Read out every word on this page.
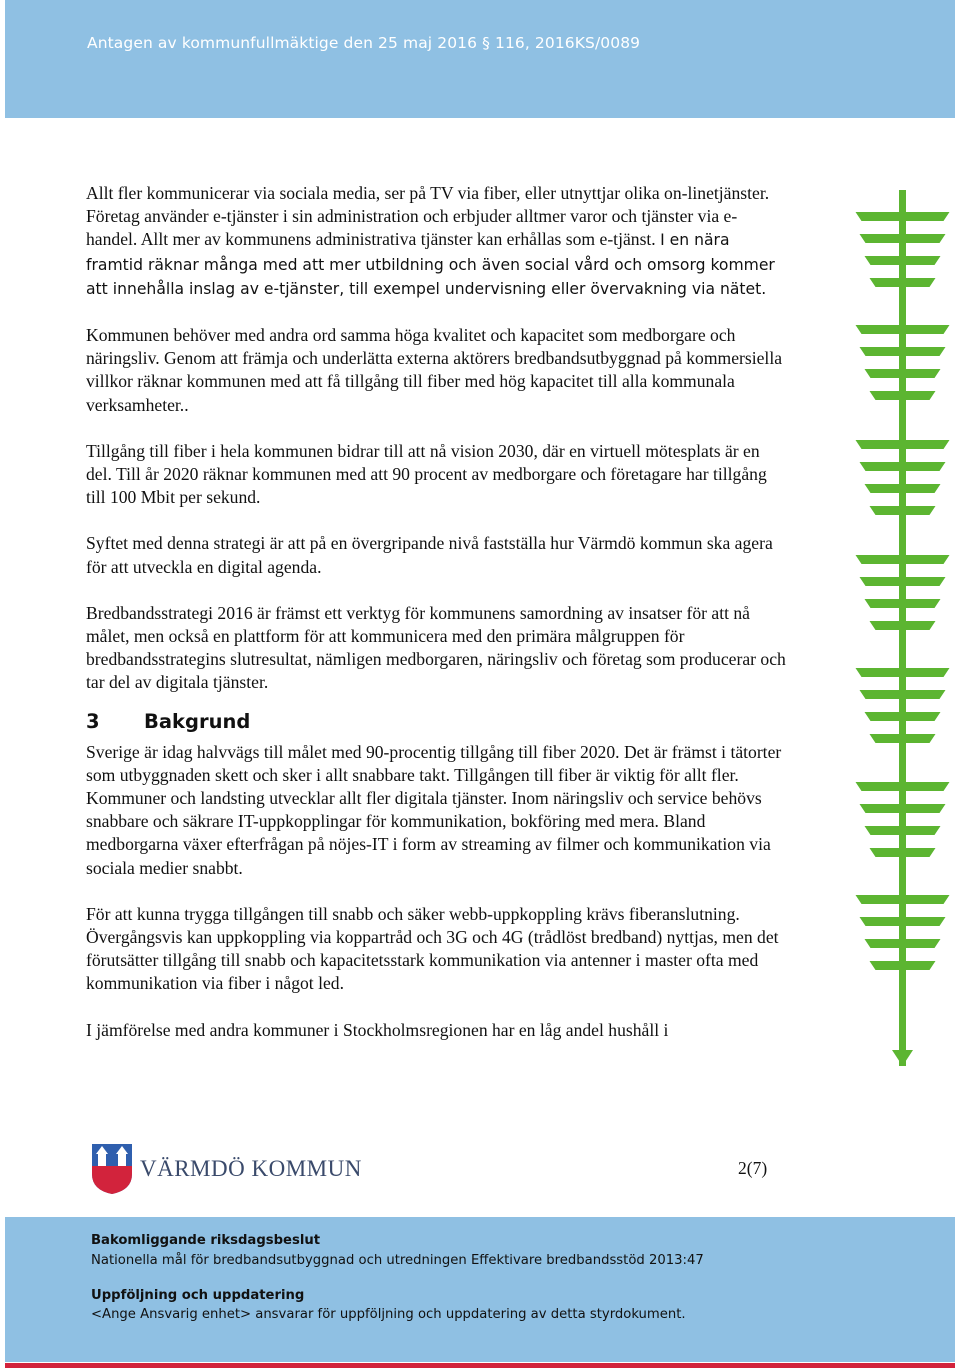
Antagen av kommunfullmäktige den 25 maj 2016 § 116, 2016KS/0089

Allt fler kommunicerar via sociala media, ser på TV via fiber, eller utnyttjar olika on-linetjänster. Företag använder e-tjänster i sin administration och erbjuder alltmer varor och tjänster via e-handel. Allt mer av kommunens administrativa tjänster kan erhållas som e-tjänst. I en nära framtid räknar många med att mer utbildning och även social vård och omsorg kommer att innehålla inslag av e-tjänster, till exempel undervisning eller övervakning via nätet.

Kommunen behöver med andra ord samma höga kvalitet och kapacitet som medborgare och näringsliv. Genom att främja och underlätta externa aktörers bredbandsutbyggnad på kommersiella villkor räknar kommunen med att få tillgång till fiber med hög kapacitet till alla kommunala verksamheter..

Tillgång till fiber i hela kommunen bidrar till att nå vision 2030, där en virtuell mötesplats är en del. Till år 2020 räknar kommunen med att 90 procent av medborgare och företagare har tillgång till 100 Mbit per sekund.

Syftet med denna strategi är att på en övergripande nivå fastställa hur Värmdö kommun ska agera för att utveckla en digital agenda.

Bredbandsstrategi 2016 är främst ett verktyg för kommunens samordning av insatser för att nå målet, men också en plattform för att kommunicera med den primära målgruppen för bredbandsstrategins slutresultat, nämligen medborgaren, näringsliv och företag som producerar och tar del av digitala tjänster.

3 Bakgrund

Sverige är idag halvvägs till målet med 90-procentig tillgång till fiber 2020. Det är främst i tätorter som utbyggnaden skett och sker i allt snabbare takt. Tillgången till fiber är viktig för allt fler. Kommuner och landsting utvecklar allt fler digitala tjänster. Inom näringsliv och service behövs snabbare och säkrare IT-uppkopplingar för kommunikation, bokföring med mera. Bland medborgarna växer efterfrågan på nöjes-IT i form av streaming av filmer och kommunikation via sociala medier snabbt.

För att kunna trygga tillgången till snabb och säker webb-uppkoppling krävs fiberanslutning. Övergångsvis kan uppkoppling via koppartråd och 3G och 4G (trådlöst bredband) nyttjas, men det förutsätter tillgång till snabb och kapacitetsstark kommunikation via antenner i master ofta med kommunikation via fiber i något led.

I jämförelse med andra kommuner i Stockholmsregionen har en låg andel hushåll i

VÄRMDÖ KOMMUN	2(7)
Bakomliggande riksdagsbeslut
Nationella mål för bredbandsutbyggnad och utredningen Effektivare bredbandsstöd 2013:47
Uppföljning och uppdatering
<Ange Ansvarig enhet> ansvarar för uppföljning och uppdatering av detta styrdokument.
